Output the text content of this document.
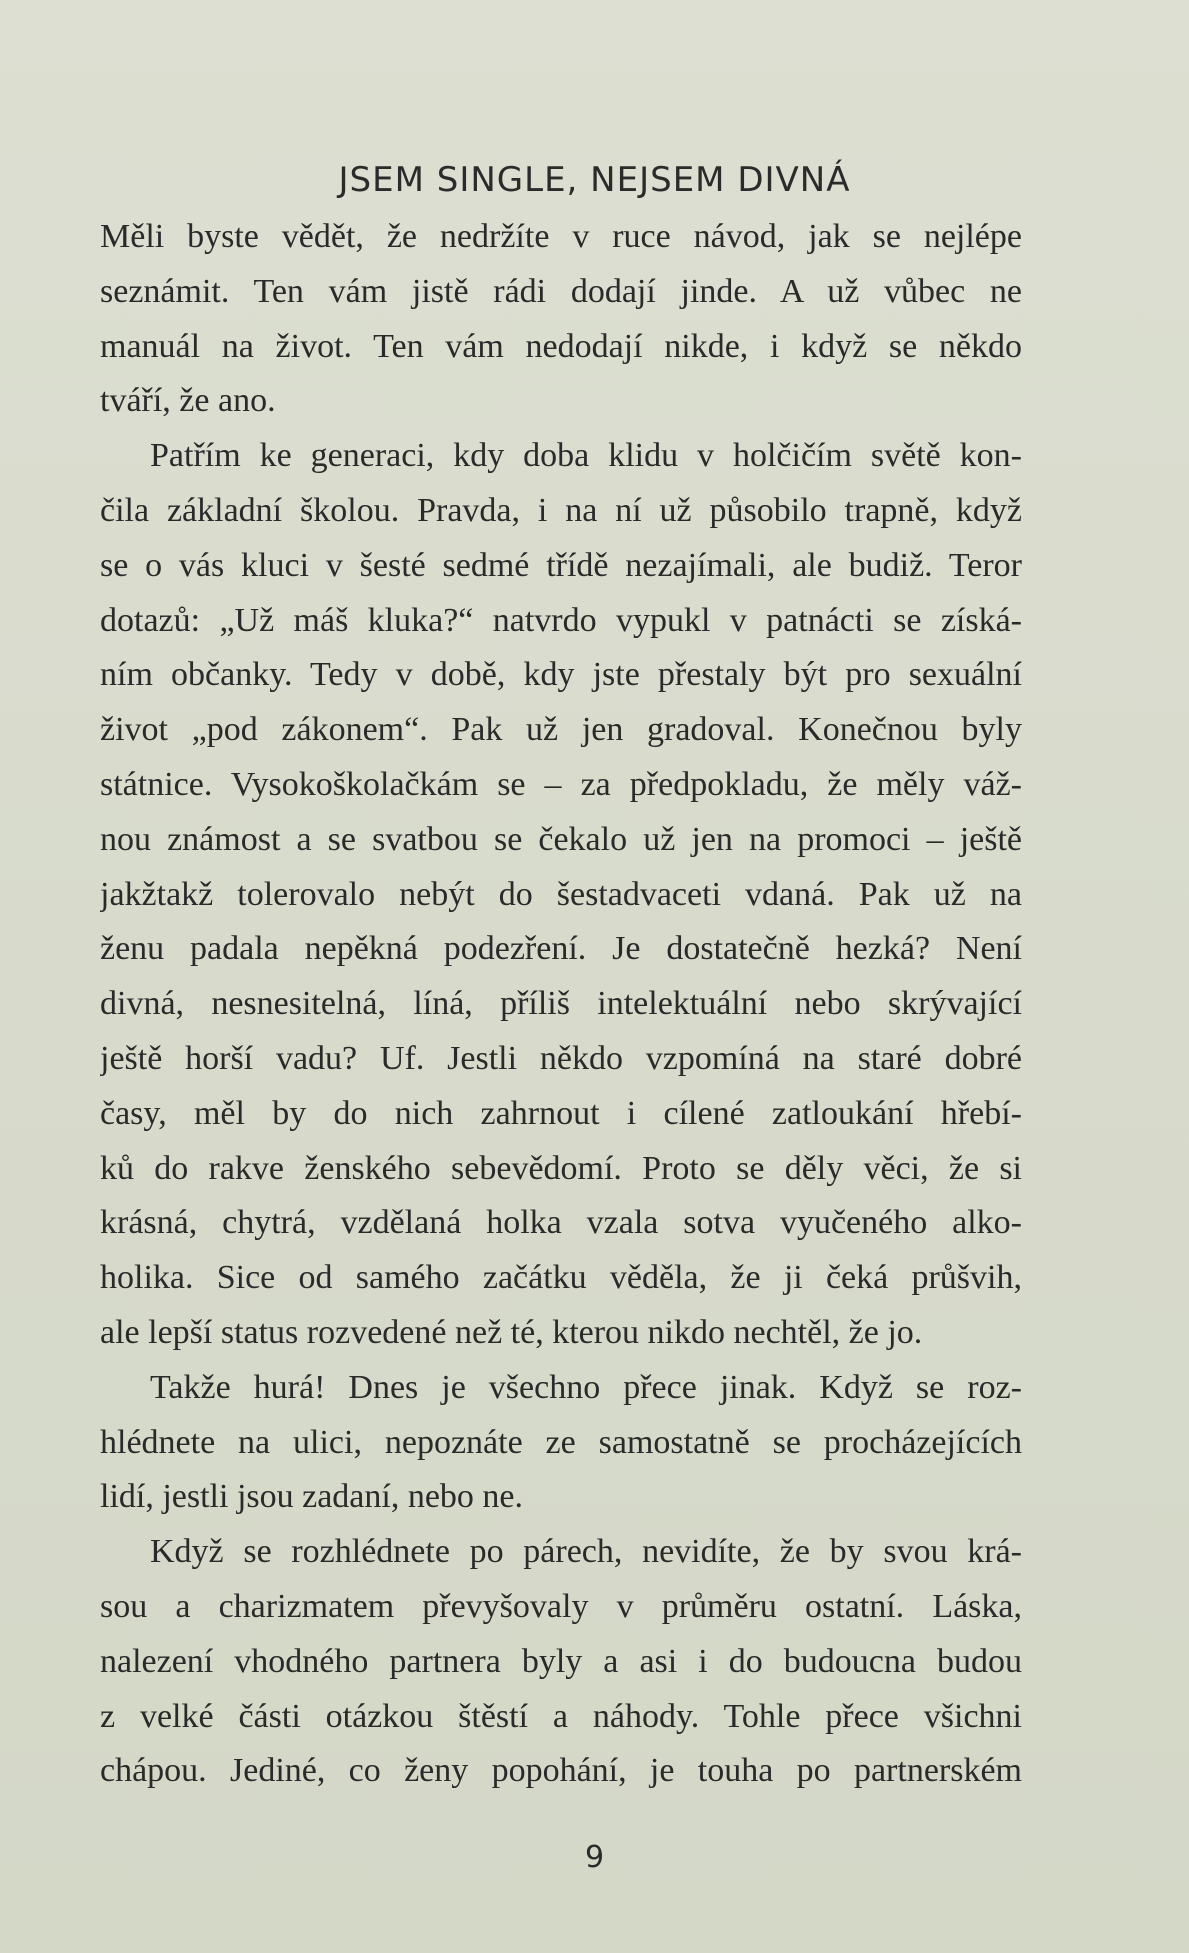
JSEM SINGLE, NEJSEM DIVNÁ
Měli byste vědět, že nedržíte v ruce návod, jak se nejlépe
seznámit. Ten vám jistě rádi dodají jinde. A už vůbec ne
manuál na život. Ten vám nedodají nikde, i když se někdo
tváří, že ano.
Patřím ke generaci, kdy doba klidu v holčičím světě kon-
čila základní školou. Pravda, i na ní už působilo trapně, když
se o vás kluci v šesté sedmé třídě nezajímali, ale budiž. Teror
dotazů: „Už máš kluka?“ natvrdo vypukl v patnácti se získá-
ním občanky. Tedy v době, kdy jste přestaly být pro sexuální
život „pod zákonem“. Pak už jen gradoval. Konečnou byly
státnice. Vysokoškolačkám se – za předpokladu, že měly váž-
nou známost a se svatbou se čekalo už jen na promoci – ještě
jakžtakž tolerovalo nebýt do šestadvaceti vdaná. Pak už na
ženu padala nepěkná podezření. Je dostatečně hezká? Není
divná, nesnesitelná, líná, příliš intelektuální nebo skrývající
ještě horší vadu? Uf. Jestli někdo vzpomíná na staré dobré
časy, měl by do nich zahrnout i cílené zatloukání hřebí-
ků do rakve ženského sebevědomí. Proto se děly věci, že si
krásná, chytrá, vzdělaná holka vzala sotva vyučeného alko-
holika. Sice od samého začátku věděla, že ji čeká průšvih,
ale lepší status rozvedené než té, kterou nikdo nechtěl, že jo.
Takže hurá! Dnes je všechno přece jinak. Když se roz-
hlédnete na ulici, nepoznáte ze samostatně se procházejících
lidí, jestli jsou zadaní, nebo ne.
Když se rozhlédnete po párech, nevidíte, že by svou krá-
sou a charizmatem převyšovaly v průměru ostatní. Láska,
nalezení vhodného partnera byly a asi i do budoucna budou
z velké části otázkou štěstí a náhody. Tohle přece všichni
chápou. Jediné, co ženy popohání, je touha po partnerském
9
